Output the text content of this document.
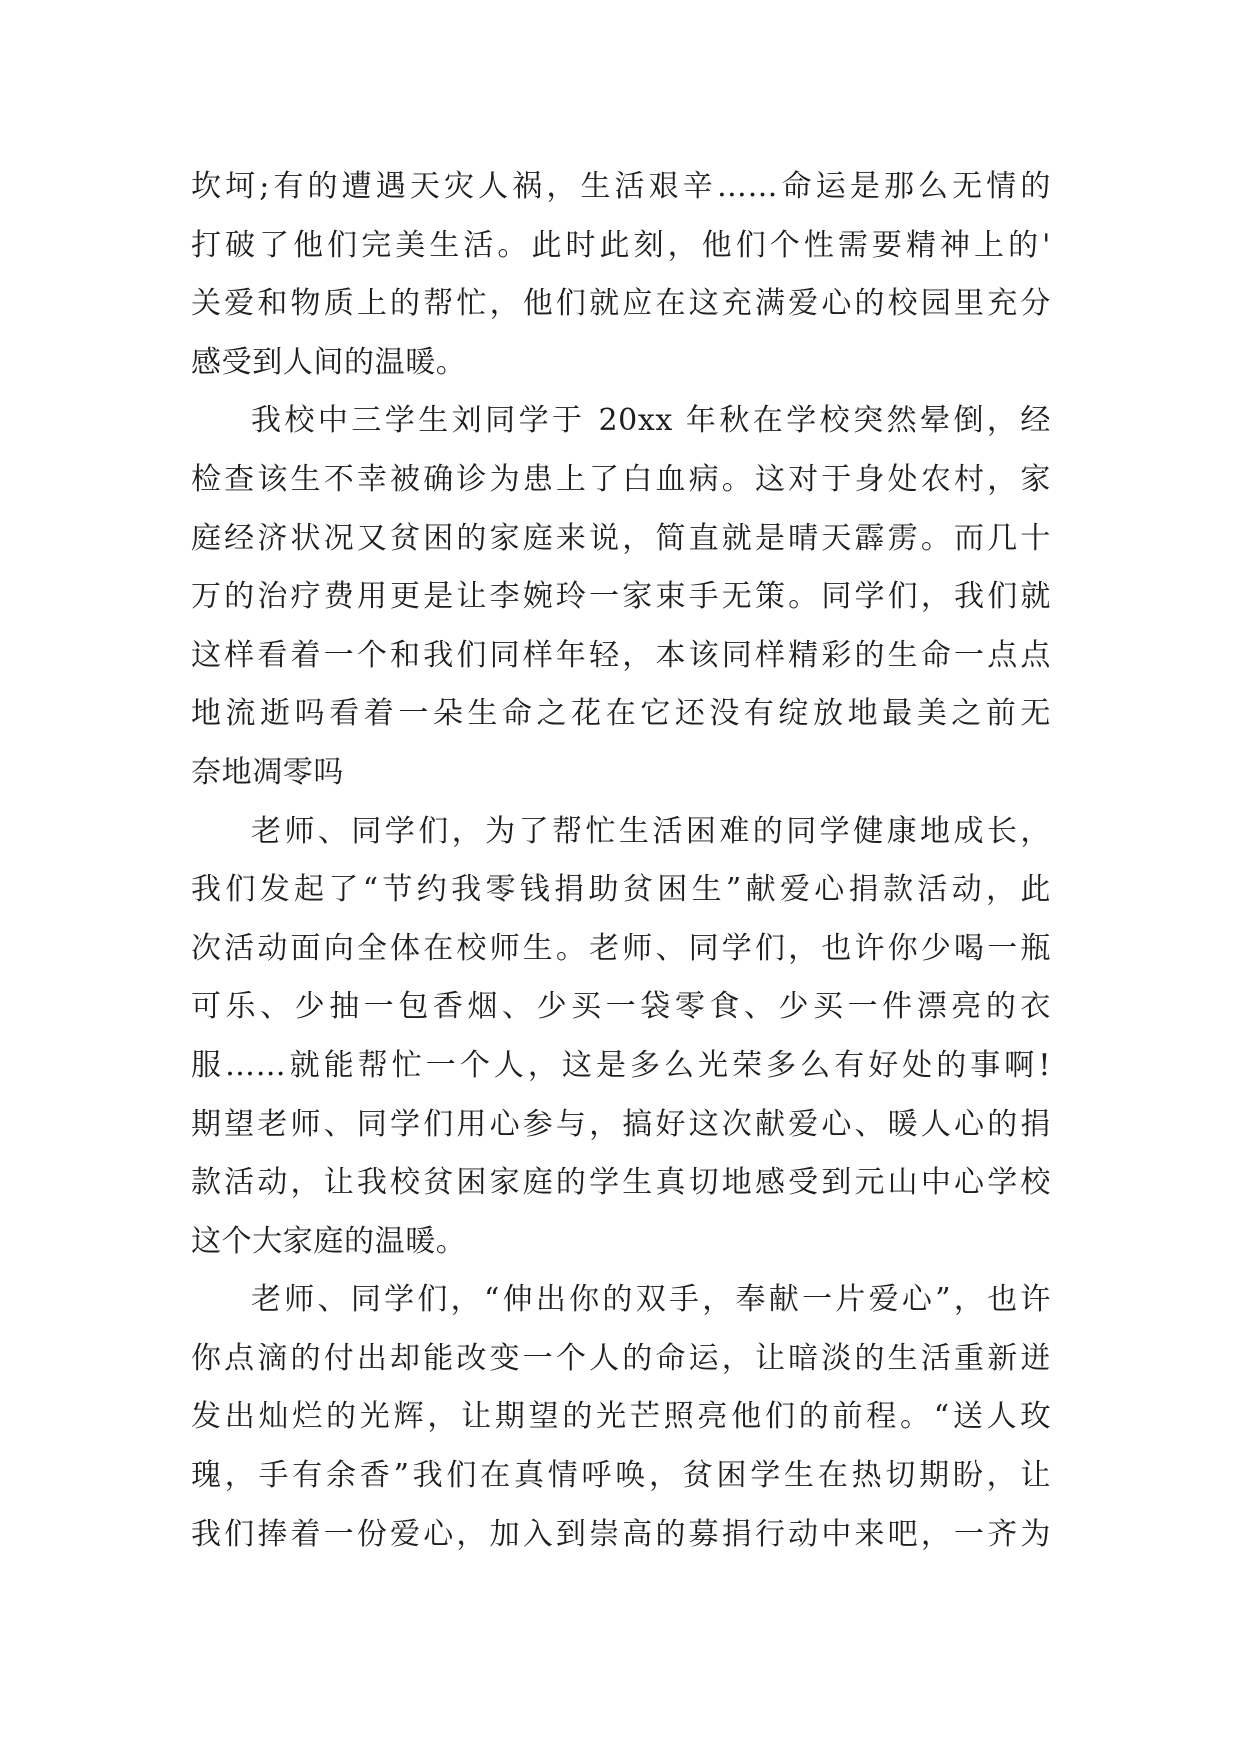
坎坷;有的遭遇天灾人祸，生活艰辛……命运是那么无情的
打破了他们完美生活。此时此刻，他们个性需要精神上的'
关爱和物质上的帮忙，他们就应在这充满爱心的校园里充分
感受到人间的温暖。
我校中三学生刘同学于 20xx 年秋在学校突然晕倒，经
检查该生不幸被确诊为患上了白血病。这对于身处农村，家
庭经济状况又贫困的家庭来说，简直就是晴天霹雳。而几十
万的治疗费用更是让李婉玲一家束手无策。同学们，我们就
这样看着一个和我们同样年轻，本该同样精彩的生命一点点
地流逝吗看着一朵生命之花在它还没有绽放地最美之前无
奈地凋零吗
老师、同学们，为了帮忙生活困难的同学健康地成长，
我们发起了“节约我零钱捐助贫困生”献爱心捐款活动，此
次活动面向全体在校师生。老师、同学们，也许你少喝一瓶
可乐、少抽一包香烟、少买一袋零食、少买一件漂亮的衣
服……就能帮忙一个人，这是多么光荣多么有好处的事啊!
期望老师、同学们用心参与，搞好这次献爱心、暖人心的捐
款活动，让我校贫困家庭的学生真切地感受到元山中心学校
这个大家庭的温暖。
老师、同学们，“伸出你的双手，奉献一片爱心”，也许
你点滴的付出却能改变一个人的命运，让暗淡的生活重新迸
发出灿烂的光辉，让期望的光芒照亮他们的前程。“送人玫
瑰，手有余香”我们在真情呼唤，贫困学生在热切期盼，让
我们捧着一份爱心，加入到崇高的募捐行动中来吧，一齐为
